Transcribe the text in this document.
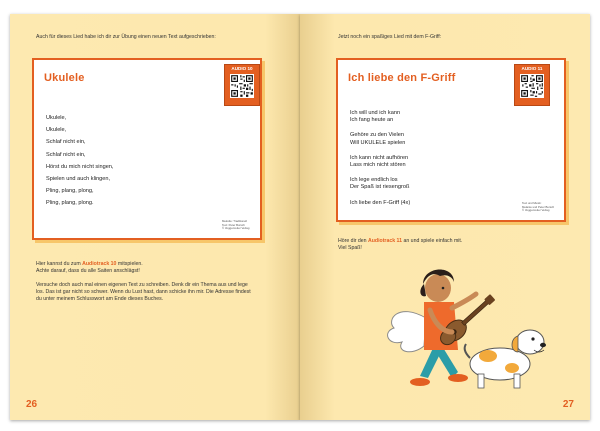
Auch für dieses Lied habe ich dir zur Übung einen neuen Text aufgeschrieben:
Ukulele
AUDIO 10
Ukulele,
Ukulele,
Schlaf nicht ein,
Schlaf nicht ein,
Hörst du mich nicht singen,
Spielen und auch klingen,
Pling, plang, plong,
Pling, plang, plong.
Melodie: Traditionell
Text: Peter Bursch
© Voggenreiter Verlag
Hier kannst du zum Audiotrack 10 mitspielen.
Achte darauf, dass du alle Saiten anschlägst!
Versuche doch auch mal einen eigenen Text zu schreiben. Denk dir ein Thema aus und lege
los. Das ist gar nicht so schwer. Wenn du Lust hast, dann schicke ihn mir. Die Adresse findest
du unter meinem Schlusswort am Ende dieses Buches.
26
Jetzt noch ein spaßiges Lied mit dem F-Griff:
Ich liebe den F-Griff
AUDIO 11
Ich will und ich kann
Ich fang heute an
Gehöre zu den Vielen
Will UKULELE spielen
Ich kann nicht aufhören
Lass mich nicht stören
Ich lege endlich los
Der Spaß ist riesengroß
Ich liebe den F-Griff (4x)	Text und Musik:
Melanie und Peter Bursch
© Voggenreiter Verlag
Höre dir den Audiotrack 11 an und spiele einfach mit.
Viel Spaß!
27
